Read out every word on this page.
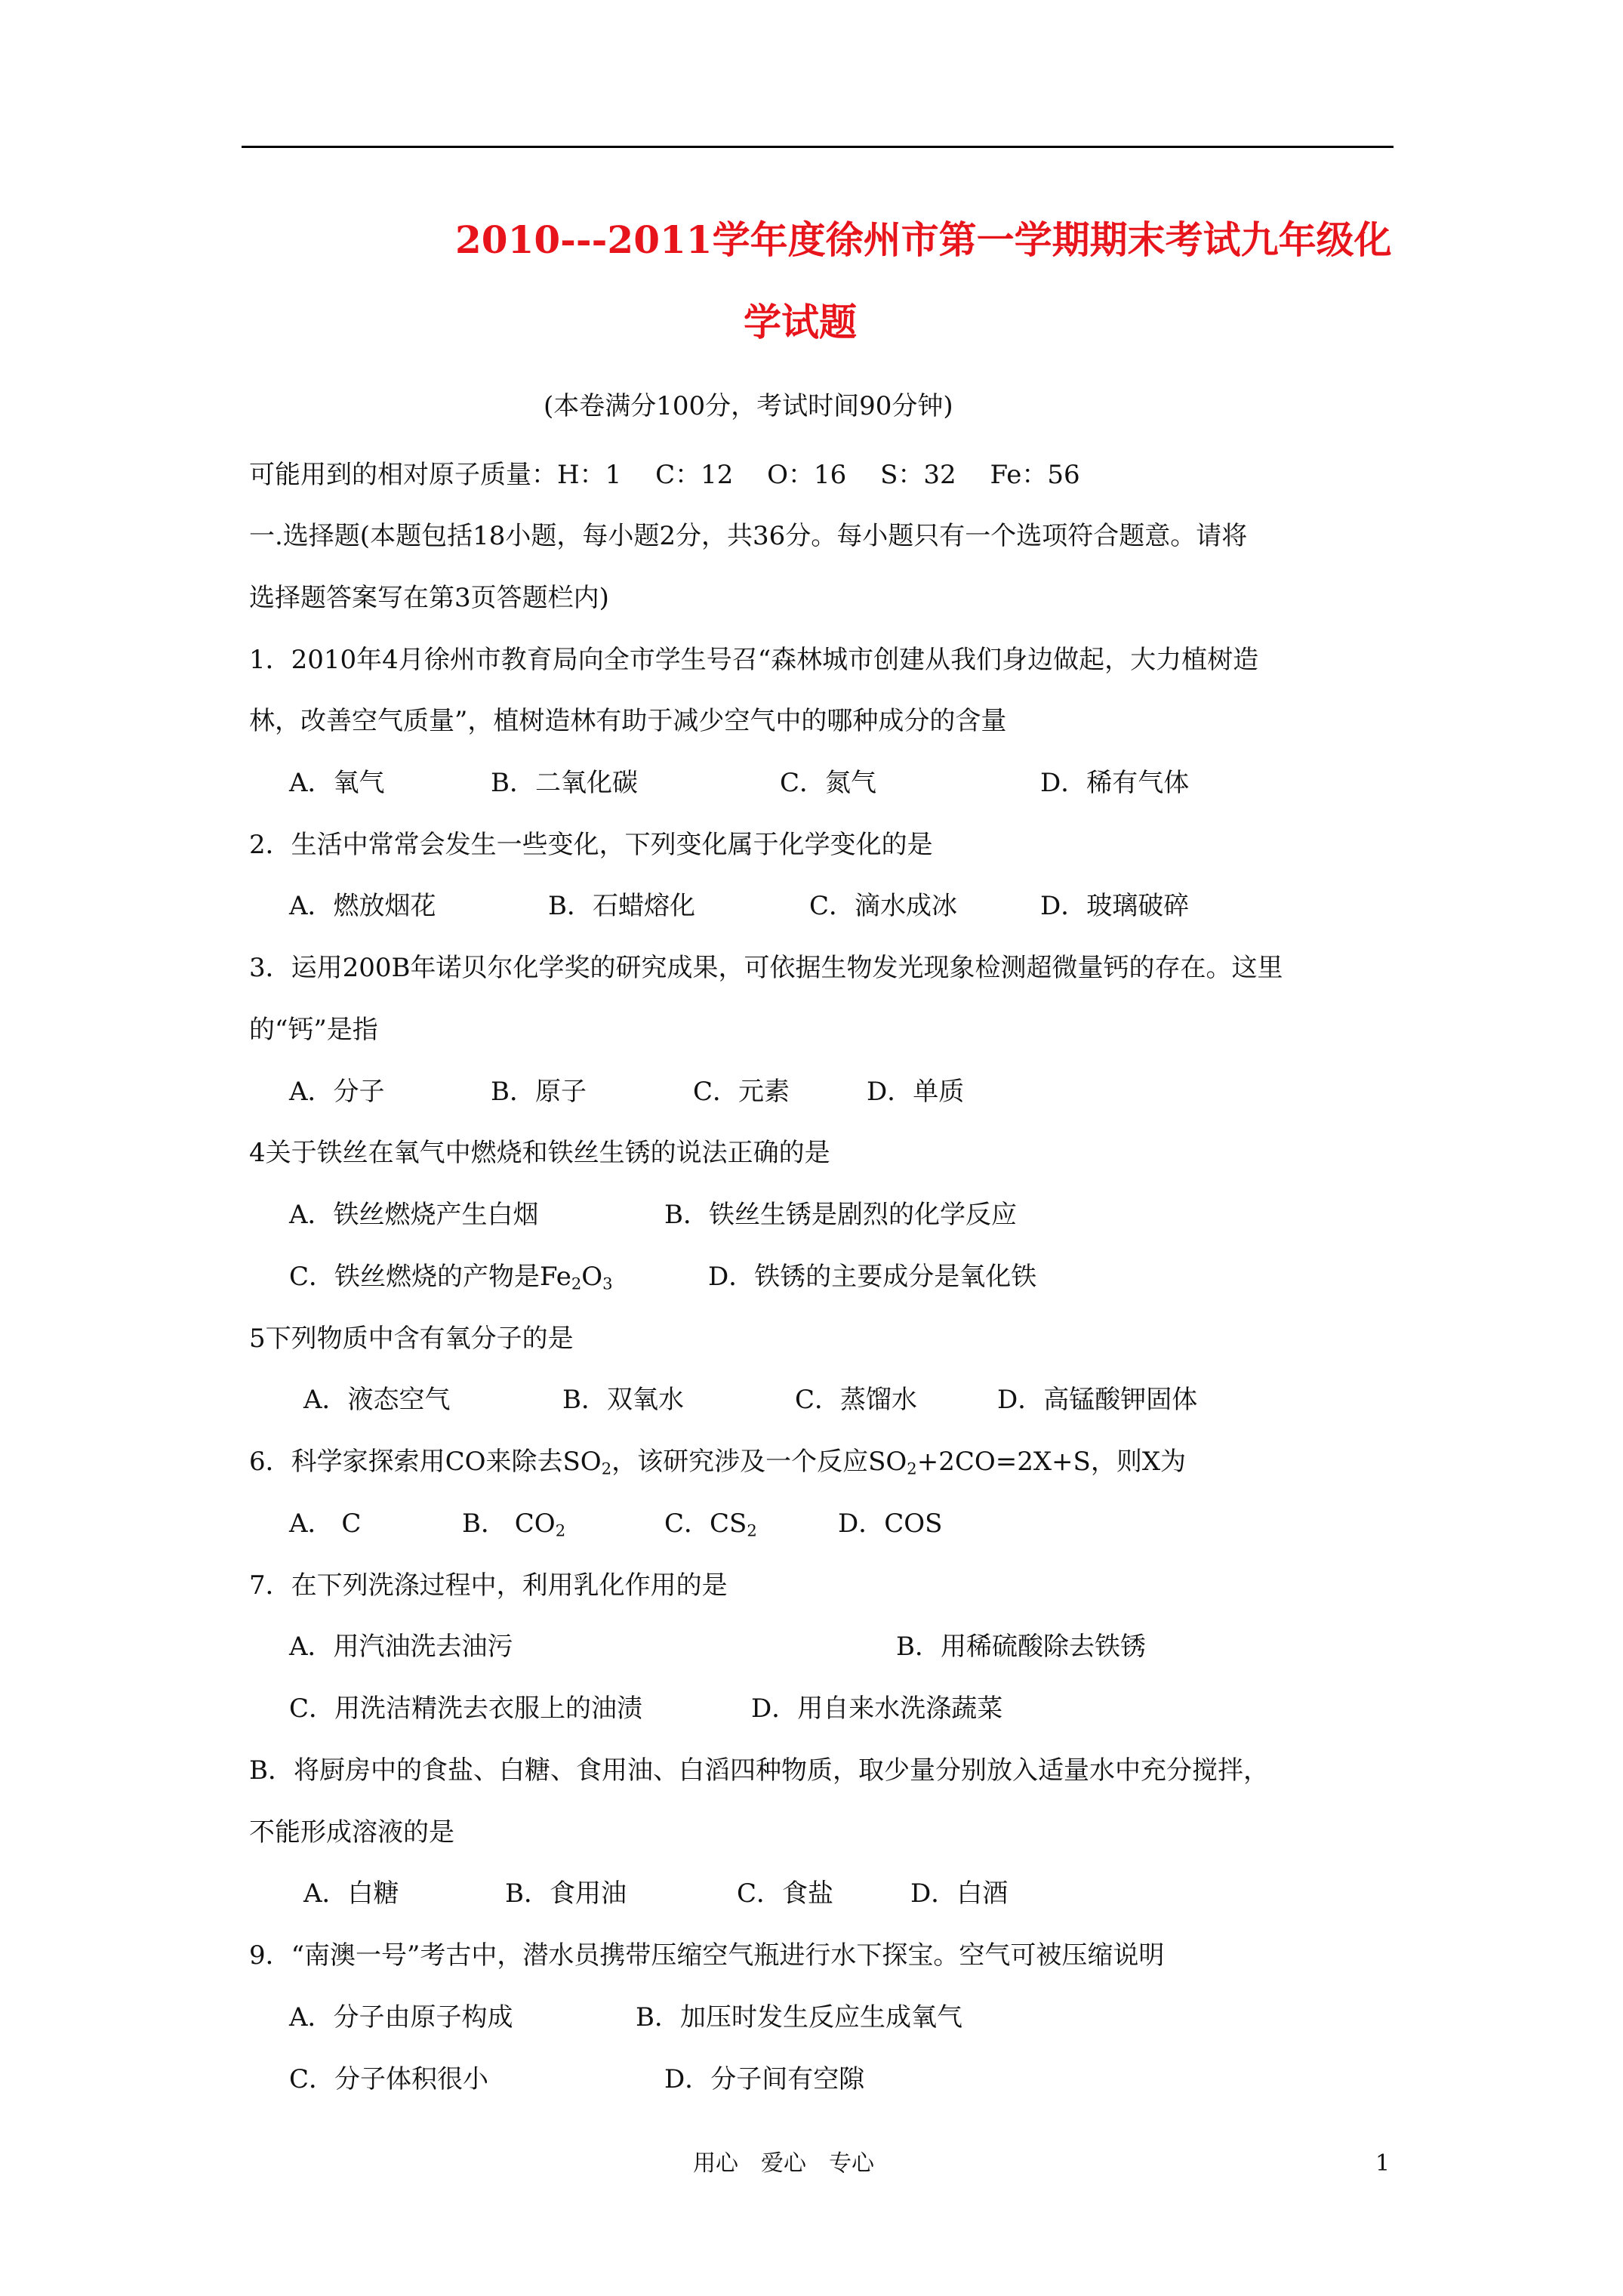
2010---2011学年度徐州市第一学期期末考试九年级化
学试题
(本卷满分100分，考试时间90分钟)
可能用到的相对原子质量：H：1　 C：12　 O：16　 S：32　 Fe：56
一.选择题(本题包括18小题，每小题2分，共36分。每小题只有一个选项符合题意。请将
选择题答案写在第3页答题栏内)
1．2010年4月徐州市教育局向全市学生号召“森林城市创建从我们身边做起，大力植树造
林，改善空气质量”，植树造林有助于减少空气中的哪种成分的含量
A．氧气	B．二氧化碳	C．氮气	D．稀有气体
2．生活中常常会发生一些变化，下列变化属于化学变化的是
A．燃放烟花	B．石蜡熔化	C．滴水成冰	D．玻璃破碎
3．运用200B年诺贝尔化学奖的研究成果，可依据生物发光现象检测超微量钙的存在。这里
的“钙”是指
A．分子	B．原子	C．元素	D．单质
4关于铁丝在氧气中燃烧和铁丝生锈的说法正确的是
A．铁丝燃烧产生白烟	B．铁丝生锈是剧烈的化学反应
C．铁丝燃烧的产物是$Fe_2O_3$	D．铁锈的主要成分是氧化铁
5下列物质中含有氧分子的是
A．液态空气	B．双氧水	C．蒸馏水	D．高锰酸钾固体
6．科学家探索用CO来除去$SO_2$，该研究涉及一个反应$SO_2+2CO=2X+S$，则X为
A． C	B． $CO_2$	C．$CS_2$	D．COS
7．在下列洗涤过程中，利用乳化作用的是
A．用汽油洗去油污	B．用稀硫酸除去铁锈
C．用洗洁精洗去衣服上的油渍	D．用自来水洗涤蔬菜
B．将厨房中的食盐、白糖、食用油、白滔四种物质，取少量分别放入适量水中充分搅拌，
不能形成溶液的是
A．白糖	B．食用油	C．食盐	D．白酒
9．“南澳一号”考古中，潜水员携带压缩空气瓶进行水下探宝。空气可被压缩说明
A．分子由原子构成	B．加压时发生反应生成氧气
C．分子体积很小	D．分子间有空隙
用心　爱心　专心	1
